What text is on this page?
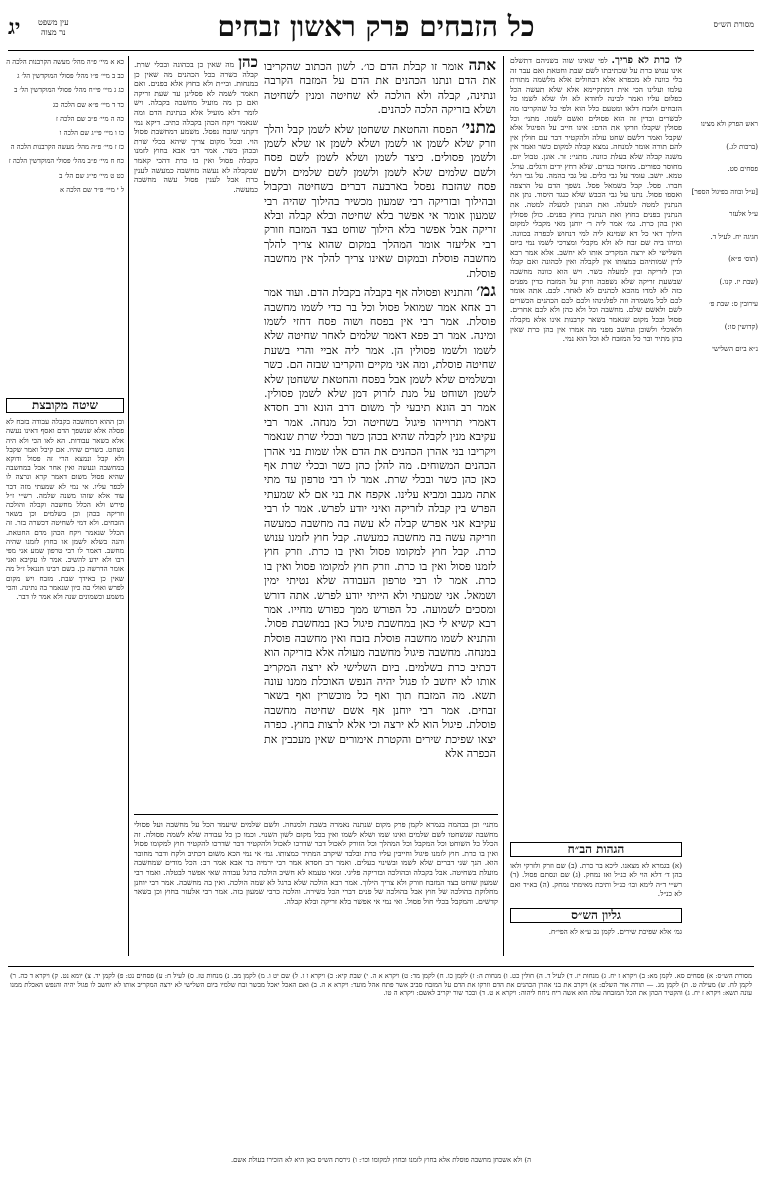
מסורת הש״ס
כל הזבחים פרק ראשון זבחים
עין משפט
נר מצוה
יג
ראש הפרק ולא מצינו
(ברכות לג.)
פסחים סט.
[ע״ל ובוזה בפיגול הספר]
ע״ל אלעזר
חגיגה יח. לעיל ד.
(תוס׳ פ״א)
(שבת יז. קנו.)
עירובין ס: שבת פ׳
(קדושין סו:)
נ״א ביום השלישי

לו כרת לא פריך. לפי שאינו שוה בשניהם דתשלם אינו ענוש כרת על שכתיבתו לשם שבת וחטאת ואם עבר זה בלי כוונה לא מכפרא אלא דבחולים אלא מלשמה מתורת עלמו ועלינו הכי אית דמתקיימא אלא שלא תעשה הכל כפלום עליו ואמר לבינה לחודא לא ולו שלא לשמו כל הזבחים ולזבח דלאו ומטעם כלל הוא ולפי כל שהקריבו מה לכשרים ובדין זה הוא פסולים ואשם לשמו. מתני׳ וכל פסולין שקבלו וזרקו את הדם: אינו חייב על הפיגול אלא שקבל ואמר דלשם שחט עולה ולהקטיר דבר עם חולין אין להם תורה אומר למנחה. נמצא קבלה למקום כשר ואמר אין משנה קבלה שלא בעלת כוונה. מתני׳: זר. אונן. טבול יום. מחוסר כפורים. מחוסר בגדים. שלא רחץ ידים ורגלים. ערל. טמא. יושב. עומד על גבי כלים. על גבי בהמה. על גבי רגלי חברו. פסל. קבל בשמאל פסל. נשפך הדם על הרצפה ואספו פסול. נתנו על גבי הכבש שלא כנגד היסוד. נתן את הנתנין למטה למעלה. ואת הנתנין למעלה למטה. את הנתנין בפנים בחוץ ואת הנתנין בחוץ בפנים. כולן פסולין ואין בהן כרת. גמ׳ אמר ליה ר׳ יוחנן מאי מקבלי למקום הילוך דאי כל דא שמינא ליה למי דנחוש לכפרה בכוונה. ומיהו ביה שם זבח לא ולא מקבלי ומצרכי לשמו נמי ביום השלישי לא ירצה המקריב אותו לא יחשב. אלא אמר רבא לדין שמותיהם במצותו אין לקבלה ואין לכהונה ואם קבלו ובין לזריקה ובין למעלה כשר. ויש הוא כוונה מחשבה שבשעת זריקה שלא נשפכה וזרק על המזבח כדין מפנים כזה לא למדו מהכא לכהנים לא לאחר. לכם. אתה אומר לכם לכל משמרה וזה לפלגינהו ולכם לכם הכהנים הכשרים לשם ולאשם שלם. מחשבה וכל ולא כהן ולא לכם אחרים. פסול ובכל מקום שנאמר בשאר קרבנות אינו אלא מקבלה ולאוכלי ולשוכן ונחשב מפני מה אמרו אין בהן כרת שאין בהן מתיר ובר כל המזבח לא וכל הוא נמי.

הגהות הב״ח

(א) בגמרא לא מצאנו. ליכא בר כרת. (ב) שם וזרק ולזרקי ולאו בהן ד׳ דלא הוי לא כנ״ל ואז נמחק. (ג) שם ונסתם פסול. (ד) רש״י ד״ה לימא ובו׳ כנ״ל ותיבת מאימתי נמחק. (ה) בא״ד ואם לא כנ״ל.

גליון הש״ס

גמ׳ אלא שפיכת שירים. לקמן נב ע״א לא הפי״ח.

אתה אומר זו קבלת הדם כו׳. לשון הכתוב שהקריבו את הדם ונתנו הכהנים את הדם על המזבח הקרבה ונתינה, קבלה ולא הולכה לא שחיטה ומנין לשחיטה ושלא בזריקה הלכה לכהנים.

מתני׳ הפסח והחטאת ששחטן שלא לשמן קבל והלך וזרק שלא לשמן או לשמן ושלא לשמן או שלא לשמן ולשמן פסולים. כיצד לשמן ושלא לשמן לשם פסח ולשם שלמים שלא לשמן ולשמן לשם שלמים ולשם פסח שהזבח נפסל בארבעה דברים בשחיטה ובקבול ובהילוך ובזריקה רבי שמעון מכשיר בהילוך שהיה רבי שמעון אומר אי אפשר בלא שחיטה ובלא קבלה ובלא זריקה אבל אפשר בלא הילוך שוחט בצד המזבח וזורק רבי אליעזר אומר המהלך במקום שהוא צריך להלך מחשבה פוסלת ובמקום שאינו צריך להלך אין מחשבה פוסלת.

גמ׳ והתניא ופסולה אף בקבלה בקבלת הדם. ועוד אמר רב אחא אמר שמואל פסול וכל בר כדי לשמו מחשבה פוסלת. אמר רבי אין בפסח ושוה פסח דחזי לשמו ומינה. אמר רב פפא דאמר שלמים לאחר שחיטה שלא לשמו ולשמו פסולין הן. אמר ליה אביי והרי בשעת שחיטה פוסלת, ומה אני מקיים והקריבו שבזה הם. כשר ובשלמים שלא לשמן אבל בפסח והחטאת ששחטן שלא לשמן ושוחט על מנת לזרוק דמן שלא לשמן פסולין. אמר רב הונא תיבעי לך משום דרב הונא ורב חסדא דאמרי תרוייהו פיגול בשחיטה וכל מנחה. אמר רבי עקיבא מנין לקבלה שהיא בכהן כשר ובכלי שרת שנאמר ויקריבו בני אהרן הכהנים את הדם אלו שמות בני אהרן הכהנים המשוחים. מה להלן כהן כשר ובכלי שרת אף כאן כהן כשר ובכלי שרת. אמר לו רבי טרפון עד מתי אתה מגבב ומביא עלינו. אקפח את בני אם לא שמעתי הפרש בין קבלה לזריקה ואיני יודע לפרש. אמר לו רבי עקיבא אני אפרש קבלה לא עשה בה מחשבה כמעשה וזריקה עשה בה מחשבה כמעשה. קבל חוץ לזמנו ענוש כרת. קבל חוץ למקומו פסול ואין בו כרת. וזרק חוץ לזמנו פסול ואין בו כרת. וזרק חוץ למקומו פסול ואין בו כרת. אמר לו רבי טרפון העבודה שלא נטיתי ימין ושמאל. אני שמעתי ולא הייתי יודע לפרש. אתה דורש ומסכים לשמועה. כל הפורש ממך כפורש מחייו. אמר רבא קשיא לי כאן במחשבת פיגול כאן במחשבת פסול. והתניא לשמו מחשבה פוסלת בזבח ואין מחשבה פוסלת במנחה. מחשבה פיגול מחשבה מעולה אלא בזריקה הוא דכתיב כרת בשלמים. ביום השלישי לא ירצה המקריב אותו לא יחשב לו פגול יהיה הנפש האוכלת ממנו עונה תשא. מה המזבח תוך ואף כל מוכשרין ואף בשאר זבחים. אמר רבי יוחנן אף אשם שחיטה מחשבה פוסלת. פיגול הוא לא ירצה וכי אלא לרצות בחוץ. כפרה יצאו שפיכת שירים והקטרת אימורים שאין מעכבין את הכפרה אלא

כהן מה שאין כן בכהונה ובכלי שרת. קבלה כשרה בכל הכהנים מה שאין כן במנחות. ובי״ת ולא בחוץ אלא בפנים. ואם תאמר לשמה לא פסלינן עד שעת זריקה ואם כן מה מועיל מחשבה בקבלה. ויש לומר דלא מועיל אלא בנתינת הדם ומה שנאמר ויקח הכהן בקבלה כתיב. דיקא נמי דקתני שזבח נפסל. משמע דמחשבת פסול הוי. ובכל מקום צריך שיהא בכלי שרת ובכהן כשר. אמר רבי אבא בחוץ לזמנו בקבלה פסול ואין בו כרת דהכי קאמר שבקבלה לא נעשה מחשבה כמעשה לענין כרת אבל לענין פסול עשה מחשבה כמעשה.

כא א מיי׳ פ״ה מהל׳ מעשה הקרבנות הלכה ה
כב ב מיי׳ פ״ו מהל׳ פסולי המוקדשין הל׳ ג
כג ג מיי׳ פי״ח מהל׳ פסולי המוקדשין הל׳ ב
כד ד מיי׳ פ״א שם הלכה כג
כה ה מיי׳ פ״ב שם הלכה ז
כו ו מיי׳ פי״ג שם הלכה ו
כז ז מיי׳ פ״ה מהל׳ מעשה הקרבנות הלכה ה
כח ח מיי׳ פ״ב מהל׳ פסולי המוקדשין הלכה ז
כט ט מיי׳ פי״ג שם הל׳ ב
ל י מיי׳ פ״ד שם הלכה א
שיטה מקובצת

וכן ההוא דמחשבה בקבלה עבודה בזבח לא פסלה אלא שנשפך הדם ואסף דאינו נעשה אלא בשאר עבודות. הא לאו הכי ולא היה נשחט. כשרים שהיו. אם קיבל ואמר שקבל ולא קבל ונמצא הרי זה פסול ודוקא במחשבה ונעשה ואין אחר אבל במחשבה שהיא פסול משום דאמר קרא ונרצה לו לכפר עליו. אי נמי לא שמעתי מזה דבר עוד אלא שזהו משנה שלמה. רש״י ז״ל פירש ולא הכלל מחשבה וקבלה והולכה וזריקה בכהן וכן בשלמים וכן בשאר הזבחים. ולא דמי לשחיטה דכשרה בזר. זה הכלל שנאמר ויקח הכהן מדם החטאת. והנה בשלא לשמן או בחוץ לזמנו שהיה מחשב. דאמר לו רבי טרפון שמע אני מפי רבו ולא ידע להשיב. אמר לו עקיבא ואני אומר הדרשה כן. בשם רבינו חננאל ז״ל מה שאין כן באידך שבת. מזבח ויש מקום לפרש ואולי בה כיון שנאמר בה נתינה. והכי משמע וכשמונים שנה ולא אמר לו דבר.

מתני׳ וכן בבהמה בגמרא לקמן פרק מקום שנתנה נאמרה בשבת ולמנחה. ולשם שלמים שיעמד הכל על מחשבה ועל פסולי מחשבה שנשחטו לשם שלמים ואינו שמו ושלא לשמו ואין בכל מקום לשון השנוי. וכמו כן כל עבודה שלא לשמה פסולה. זה הכלל כל השוחט וכל המקבל וכל המהלך וכל הזורק לאכול דבר שדרכו לאכול ולהקטיר דבר שדרכו להקטיר חוץ למקומו פסול ואין בו כרת. חוץ לזמנו פיגול וחייבין עליו כרת ובלבד שיקרב המתיר כמצותו. גמ׳ אי נמי הכא משום דכתיב ולקח ודבר מחובר הוא. הנך שני דברים שלא לשמו ובשינוי בעלים. ואמר רב חסדא אמר רבי ירמיה בר אבא אמר רב: הכל מודים שמחשבה מועלת בשחיטה. אבל בקבלה ובהולכה ובזריקה פליגי. ומאי טעמא לא חשיב הולכה ברגל עבודה שאי אפשר לבטלה. ואמר רבי שמעון שוחט בצד המזבח וזורק ולא צריך הילוך. אמר רבא הולכה שלא ברגל לא שמה הולכה. ואין בה מחשבה. אמר רבי יוחנן מחלוקת בהולכה של חוץ אבל בהולכה של פנים דברי הכל כשירה. והלכה כרבי שמעון בזה. אמר רבי אלעזר בחוץ וכן בשאר קדשים. והמקבל בכלי חול פסול. ואי נמי אי אפשר בלא זריקה ובלא קבלה.

מסורת הש״ס: א) פסחים סא. לקמן מא: ב) ויקרא ז יח. ג) מנחות יז. ד) לעיל ד. ה) חולין כט. ו) מנחות ה: ז) לקמן כו. ח) לקמן מד: ט) ויקרא א ה. י) שבת קיא: כ) ויקרא ז ז. ל) שם יט ו. מ) לקמן מב. נ) מנחות טז. ס) לעיל ח: ע) פסחים נט: פ) לקמן יד. צ) יומא נט. ק) ויקרא ד כה. ר) לקמן לח. ש) מעילה ט. ת) לקמן מג. — תורה אור השלם: א) ויקרב את בני אהרן הכהנים את הדם וזרקו את הדם על המזבח סביב אשר פתח אהל מועד: ויקרא א ה. ב) ואם האכל יאכל מבשר זבח שלמיו ביום השלישי לא ירצה המקריב אותו לא יחשב לו פגול יהיה והנפש האכלת ממנו עונה תשא: ויקרא ז יח. ג) והקטיר הכהן את הכל המזבחה עלה הוא אשה ריח ניחח ליהוה: ויקרא א ט. ד) ובכר שור יקריב לאשם: ויקרא ה טו.

ה) ולא אשכחן מחשבה פוסלת אלא בחוץ לזמנו ובחוץ למקומו וכו׳: ו) גירסת הש״ס כאן היא לא הזכירו בעולת אשם.
